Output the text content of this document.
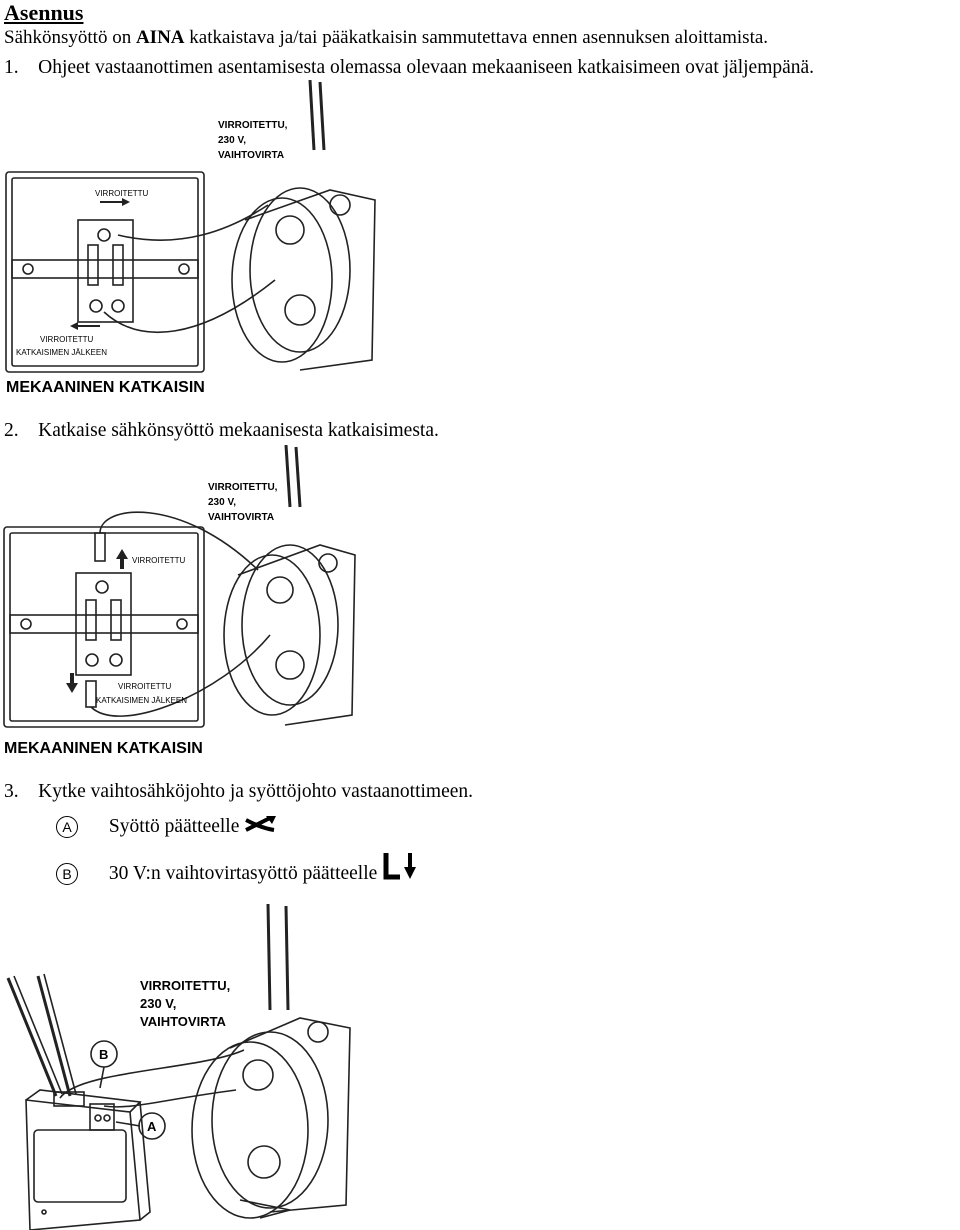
Asennus
Sähkönsyöttö on AINA katkaistava ja/tai pääkatkaisin sammutettava ennen asennuksen aloittamista.
1. Ohjeet vastaanottimen asentamisesta olemassa olevaan mekaaniseen katkaisimeen ovat jäljempänä.
VIRROITETTU,
230 V,
VAIHTOVIRTA
VIRROITETTU
VIRROITETTU
KATKAISIMEN JÄLKEEN
MEKAANINEN KATKAISIN
2. Katkaise sähkönsyöttö mekaanisesta katkaisimesta.
VIRROITETTU,
230 V,
VAIHTOVIRTA
VIRROITETTU
VIRROITETTU
KATKAISIMEN JÄLKEEN
MEKAANINEN KATKAISIN
3. Kytke vaihtosähköjohto ja syöttöjohto vastaanottimeen.
A Syöttö päätteelle
B 30 V:n vaihtovirtasyöttö päätteelle
B
A
VIRROITETTU,
230 V,
VAIHTOVIRTA
